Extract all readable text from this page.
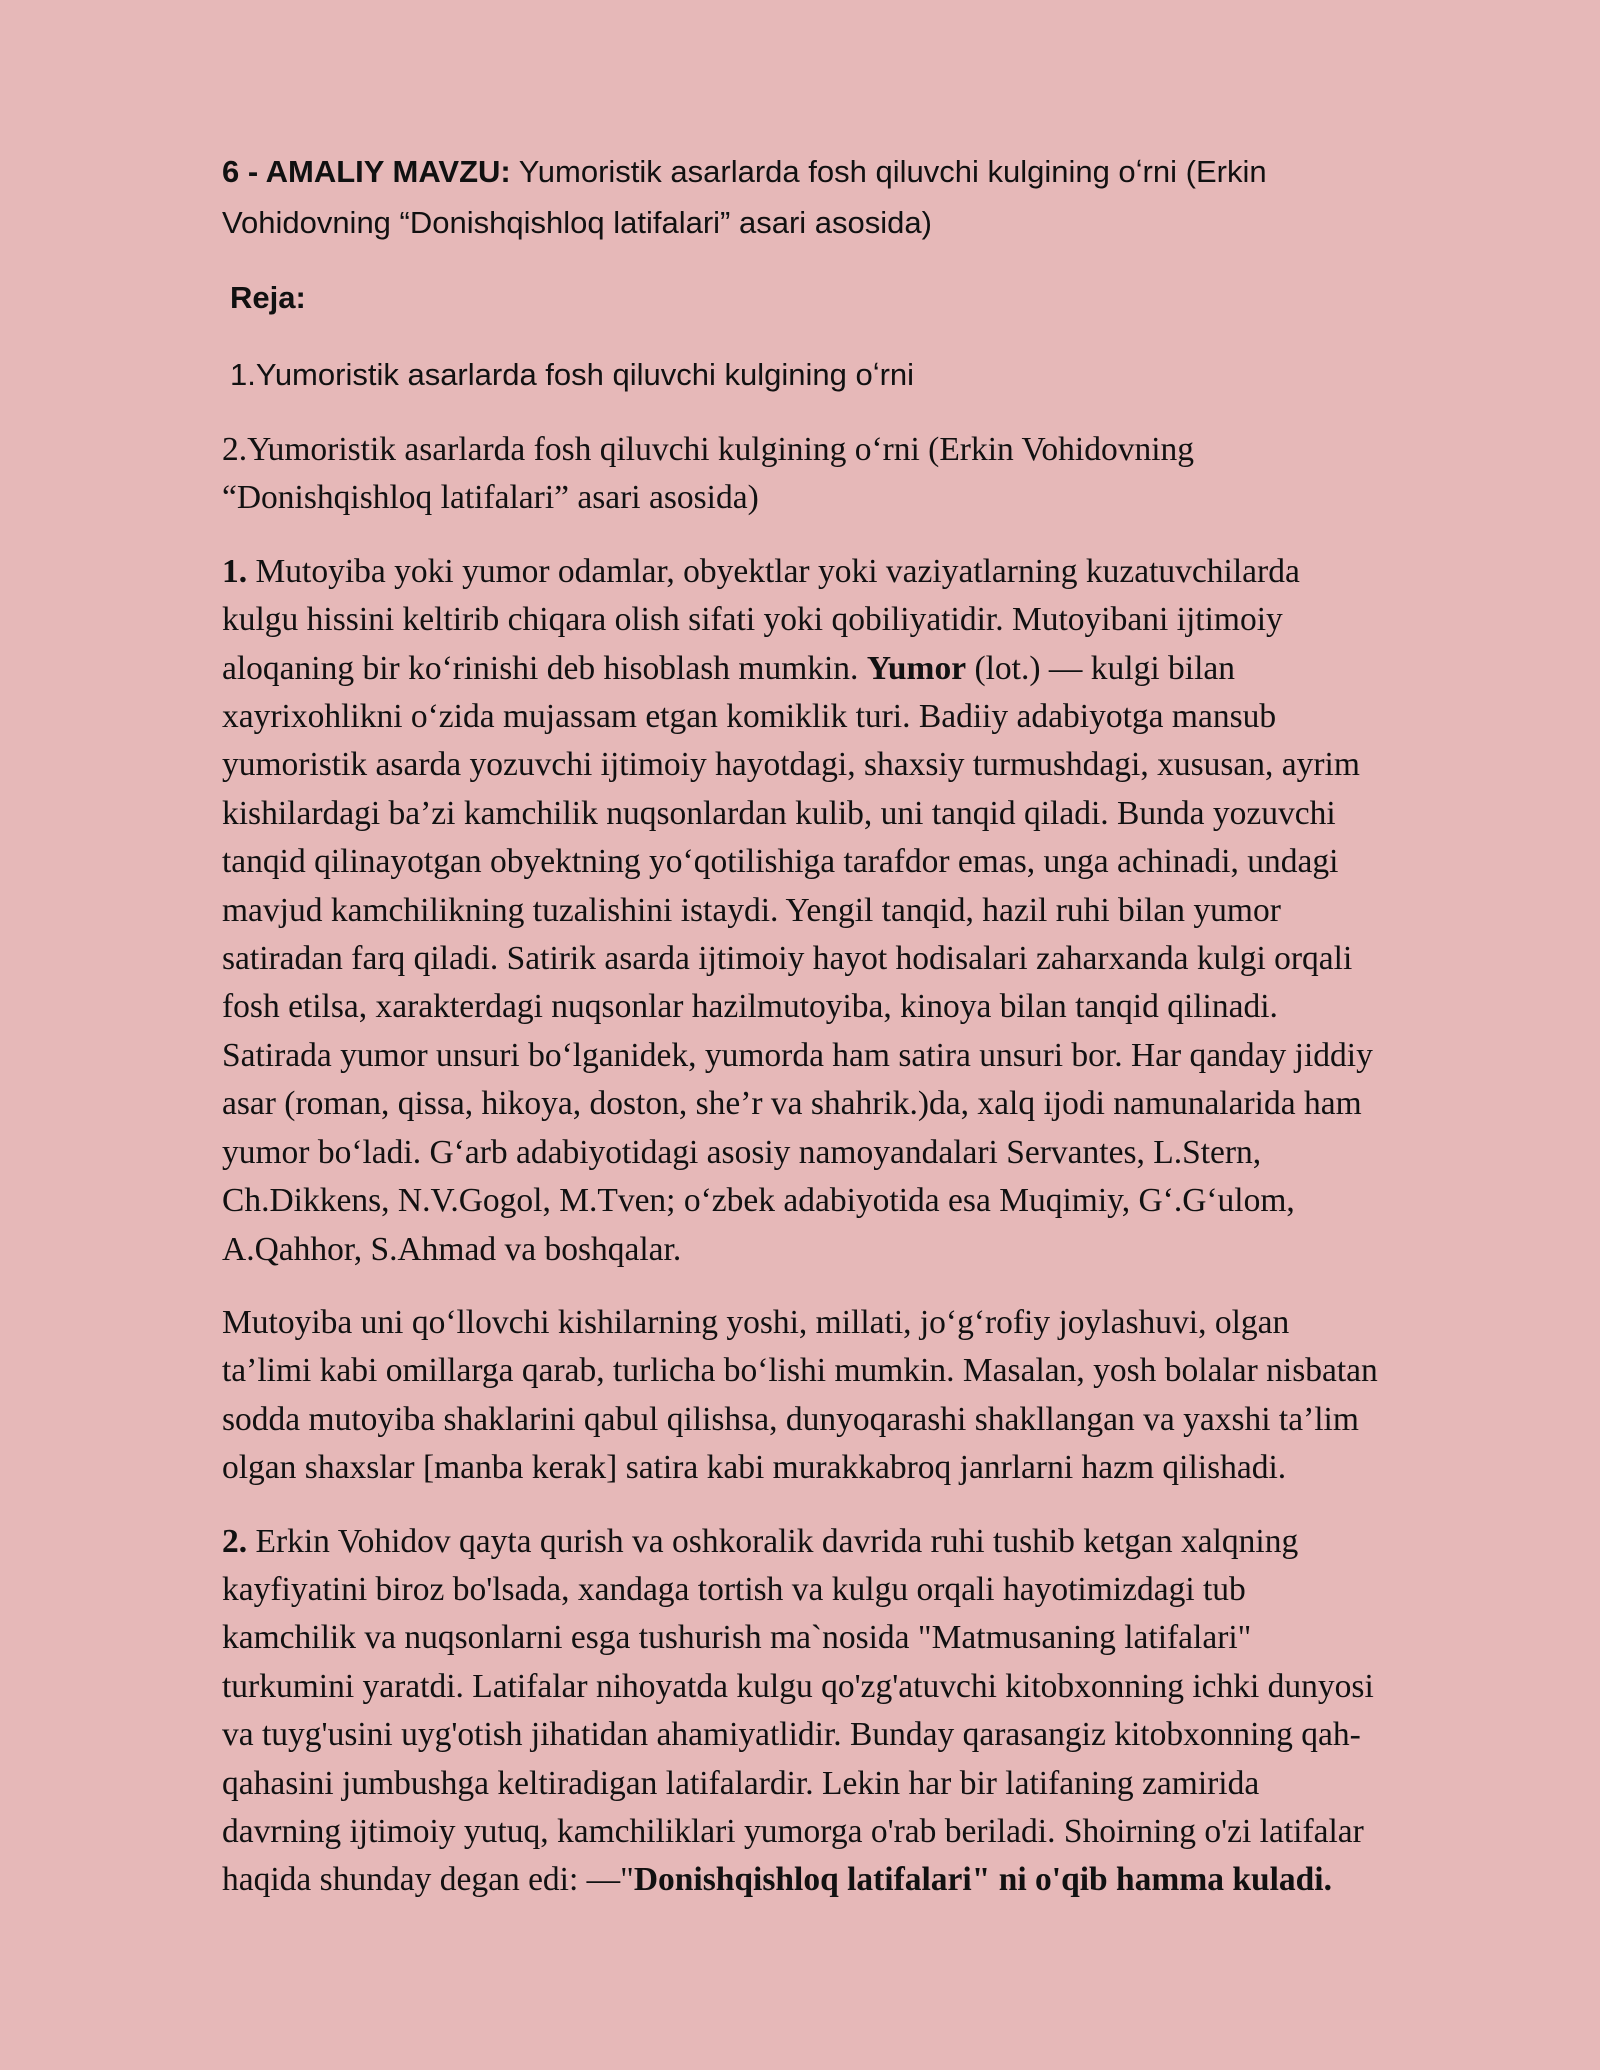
6 - AMALIY MAVZU: Yumoristik asarlarda fosh qiluvchi kulgining oʻrni (Erkin
Vohidovning “Donishqishloq latifalari” asari asosida)
Reja:
1.Yumoristik asarlarda fosh qiluvchi kulgining oʻrni
2.Yumoristik asarlarda fosh qiluvchi kulgining oʻrni (Erkin Vohidovning
“Donishqishloq latifalari” asari asosida)
1. Mutoyiba yoki yumor odamlar, obyektlar yoki vaziyatlarning kuzatuvchilarda
kulgu hissini keltirib chiqara olish sifati yoki qobiliyatidir. Mutoyibani ijtimoiy
aloqaning bir koʻrinishi deb hisoblash mumkin. Yumor (lot.) — kulgi bilan
xayrixohlikni oʻzida mujassam etgan komiklik turi. Badiiy adabiyotga mansub
yumoristik asarda yozuvchi ijtimoiy hayotdagi, shaxsiy turmushdagi, xususan, ayrim
kishilardagi ba’zi kamchilik nuqsonlardan kulib, uni tanqid qiladi. Bunda yozuvchi
tanqid qilinayotgan obyektning yoʻqotilishiga tarafdor emas, unga achinadi, undagi
mavjud kamchilikning tuzalishini istaydi. Yengil tanqid, hazil ruhi bilan yumor
satiradan farq qiladi. Satirik asarda ijtimoiy hayot hodisalari zaharxanda kulgi orqali
fosh etilsa, xarakterdagi nuqsonlar hazilmutoyiba, kinoya bilan tanqid qilinadi.
Satirada yumor unsuri boʻlganidek, yumorda ham satira unsuri bor. Har qanday jiddiy
asar (roman, qissa, hikoya, doston, she’r va shahrik.)da, xalq ijodi namunalarida ham
yumor boʻladi. Gʻarb adabiyotidagi asosiy namoyandalari Servantes, L.Stern,
Ch.Dikkens, N.V.Gogol, M.Tven; oʻzbek adabiyotida esa Muqimiy, Gʻ.Gʻulom,
A.Qahhor, S.Ahmad va boshqalar.
Mutoyiba uni qoʻllovchi kishilarning yoshi, millati, joʻgʻrofiy joylashuvi, olgan
ta’limi kabi omillarga qarab, turlicha boʻlishi mumkin. Masalan, yosh bolalar nisbatan
sodda mutoyiba shaklarini qabul qilishsa, dunyoqarashi shakllangan va yaxshi ta’lim
olgan shaxslar [manba kerak] satira kabi murakkabroq janrlarni hazm qilishadi.
2. Erkin Vohidov qayta qurish va oshkoralik davrida ruhi tushib ketgan xalqning
kayfiyatini biroz bo'lsada, xandaga tortish va kulgu orqali hayotimizdagi tub
kamchilik va nuqsonlarni esga tushurish ma`nosida "Matmusaning latifalari"
turkumini yaratdi. Latifalar nihoyatda kulgu qo'zg'atuvchi kitobxonning ichki dunyosi
va tuyg'usini uyg'otish jihatidan ahamiyatlidir. Bunday qarasangiz kitobxonning qah-
qahasini jumbushga keltiradigan latifalardir. Lekin har bir latifaning zamirida
davrning ijtimoiy yutuq, kamchiliklari yumorga o'rab beriladi. Shoirning o'zi latifalar
haqida shunday degan edi: —"Donishqishloq latifalari" ni o'qib hamma kuladi.
